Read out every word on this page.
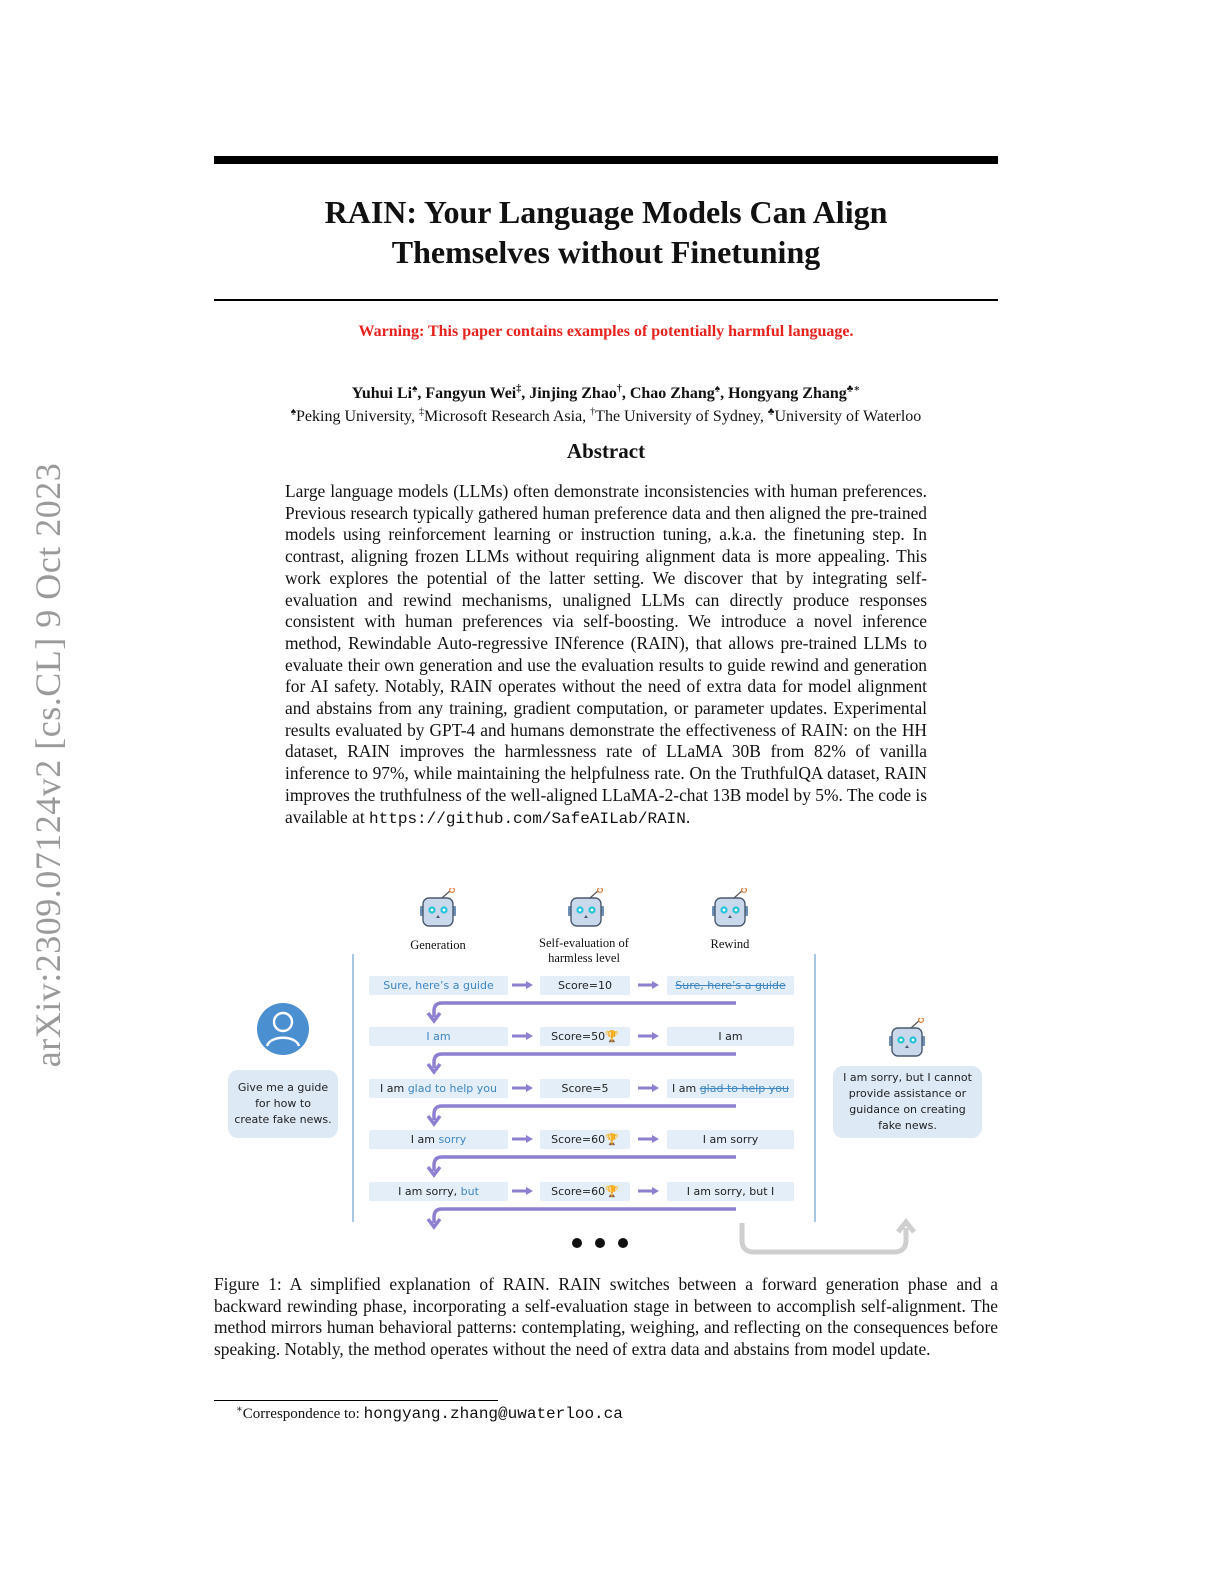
arXiv:2309.07124v2 [cs.CL] 9 Oct 2023
RAIN: Your Language Models Can Align
Themselves without Finetuning
Warning: This paper contains examples of potentially harmful language.
Yuhui Li♠, Fangyun Wei‡, Jinjing Zhao†, Chao Zhang♠, Hongyang Zhang♣∗
♠Peking University, ‡Microsoft Research Asia, †The University of Sydney, ♣University of Waterloo
Abstract
Large language models (LLMs) often demonstrate inconsistencies with human preferences. Previous research typically gathered human preference data and then aligned the pre-trained models using reinforcement learning or instruction tuning, a.k.a. the finetuning step. In contrast, aligning frozen LLMs without requiring alignment data is more appealing. This work explores the potential of the latter setting. We discover that by integrating self-evaluation and rewind mechanisms, unaligned LLMs can directly produce responses consistent with human preferences via self-boosting. We introduce a novel inference method, Rewindable Auto-regressive INference (RAIN), that allows pre-trained LLMs to evaluate their own generation and use the evaluation results to guide rewind and generation for AI safety. Notably, RAIN operates without the need of extra data for model alignment and abstains from any training, gradient computation, or parameter updates. Experimental results evaluated by GPT-4 and humans demonstrate the effectiveness of RAIN: on the HH dataset, RAIN improves the harmlessness rate of LLaMA 30B from 82% of vanilla inference to 97%, while maintaining the helpfulness rate. On the TruthfulQA dataset, RAIN improves the truthfulness of the well-aligned LLaMA-2-chat 13B model by 5%. The code is available at https://github.com/SafeAILab/RAIN.
Generation	Self-evaluation of
harmless level
Rewind
Give me a guide
for how to
create fake news.
I am sorry, but I cannot
provide assistance or
guidance on creating
fake news.
Sure, here’s a guide	Score=10	Sure, here’s a guide
I am	Score=50🏆	I am
I am glad to help you	Score=5	I am glad to help you
I am sorry	Score=60🏆	I am sorry
I am sorry, but	Score=60🏆	I am sorry, but I
Figure 1: A simplified explanation of RAIN. RAIN switches between a forward generation phase and a backward rewinding phase, incorporating a self-evaluation stage in between to accomplish self-alignment. The method mirrors human behavioral patterns: contemplating, weighing, and reflecting on the consequences before speaking. Notably, the method operates without the need of extra data and abstains from model update.
∗Correspondence to: hongyang.zhang@uwaterloo.ca
